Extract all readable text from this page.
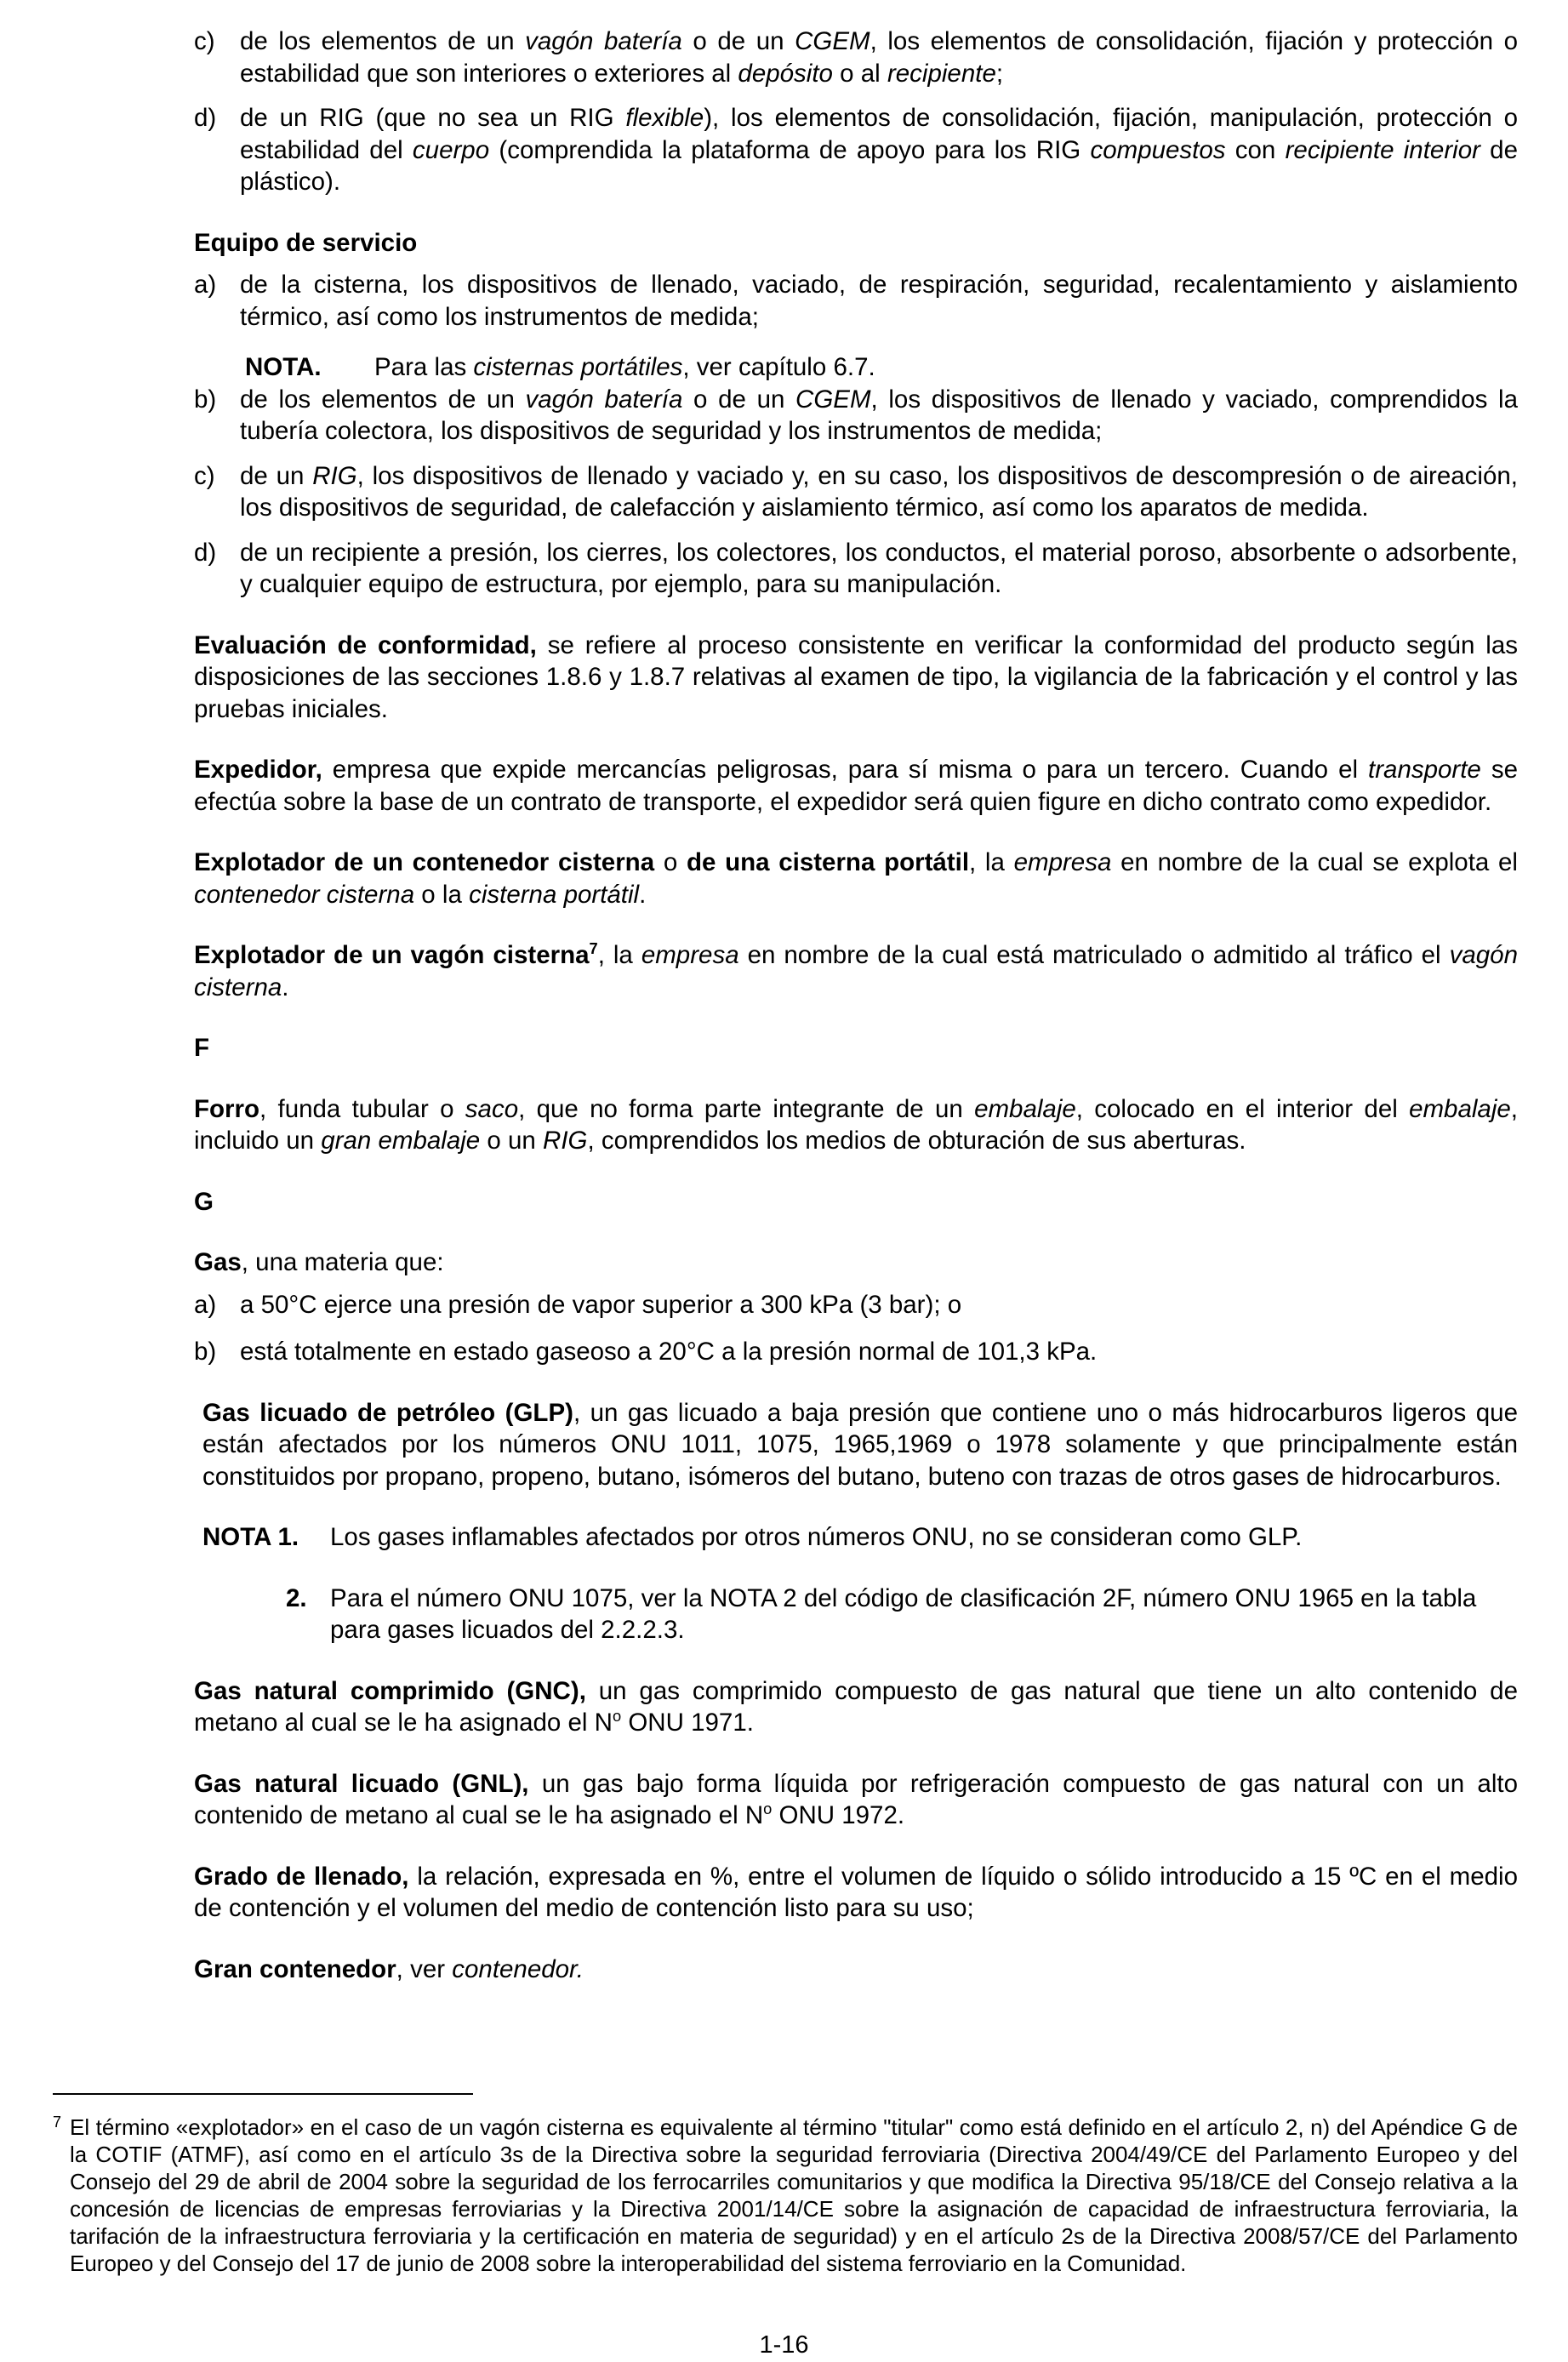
c) de los elementos de un vagón batería o de un CGEM, los elementos de consolidación, fijación y protección o estabilidad que son interiores o exteriores al depósito o al recipiente;
d) de un RIG (que no sea un RIG flexible), los elementos de consolidación, fijación, manipulación, protección o estabilidad del cuerpo (comprendida la plataforma de apoyo para los RIG compuestos con recipiente interior de plástico).

Equipo de servicio

a) de la cisterna, los dispositivos de llenado, vaciado, de respiración, seguridad, recalentamiento y aislamiento térmico, así como los instrumentos de medida;
NOTA. Para las cisternas portátiles, ver capítulo 6.7.
b) de los elementos de un vagón batería o de un CGEM, los dispositivos de llenado y vaciado, comprendidos la tubería colectora, los dispositivos de seguridad y los instrumentos de medida;
c) de un RIG, los dispositivos de llenado y vaciado y, en su caso, los dispositivos de descompresión o de aireación, los dispositivos de seguridad, de calefacción y aislamiento térmico, así como los aparatos de medida.
d) de un recipiente a presión, los cierres, los colectores, los conductos, el material poroso, absorbente o adsorbente, y cualquier equipo de estructura, por ejemplo, para su manipulación.

Evaluación de conformidad, se refiere al proceso consistente en verificar la conformidad del producto según las disposiciones de las secciones 1.8.6 y 1.8.7 relativas al examen de tipo, la vigilancia de la fabricación y el control y las pruebas iniciales.

Expedidor, empresa que expide mercancías peligrosas, para sí misma o para un tercero. Cuando el transporte se efectúa sobre la base de un contrato de transporte, el expedidor será quien figure en dicho contrato como expedidor.

Explotador de un contenedor cisterna o de una cisterna portátil, la empresa en nombre de la cual se explota el contenedor cisterna o la cisterna portátil.

Explotador de un vagón cisterna$^7$, la empresa en nombre de la cual está matriculado o admitido al tráfico el vagón cisterna.

F

Forro, funda tubular o saco, que no forma parte integrante de un embalaje, colocado en el interior del embalaje, incluido un gran embalaje o un RIG, comprendidos los medios de obturación de sus aberturas.

G

Gas, una materia que:

a) a 50°C ejerce una presión de vapor superior a 300 kPa (3 bar); o
b) está totalmente en estado gaseoso a 20°C a la presión normal de 101,3 kPa.

Gas licuado de petróleo (GLP), un gas licuado a baja presión que contiene uno o más hidrocarburos ligeros que están afectados por los números ONU 1011, 1075, 1965,1969 o 1978 solamente y que principalmente están constituidos por propano, propeno, butano, isómeros del butano, buteno con trazas de otros gases de hidrocarburos.

NOTA 1. Los gases inflamables afectados por otros números ONU, no se consideran como GLP.
2. Para el número ONU 1075, ver la NOTA 2 del código de clasificación 2F, número ONU 1965 en la tabla para gases licuados del 2.2.2.3.

Gas natural comprimido (GNC), un gas comprimido compuesto de gas natural que tiene un alto contenido de metano al cual se le ha asignado el $N^o$ ONU 1971.

Gas natural licuado (GNL), un gas bajo forma líquida por refrigeración compuesto de gas natural con un alto contenido de metano al cual se le ha asignado el $N^o$ ONU 1972.

Grado de llenado, la relación, expresada en %, entre el volumen de líquido o sólido introducido a 15 ºC en el medio de contención y el volumen del medio de contención listo para su uso;

Gran contenedor, ver contenedor.

7 El término «explotador» en el caso de un vagón cisterna es equivalente al término "titular" como está definido en el artículo 2, n) del Apéndice G de la COTIF (ATMF), así como en el artículo 3s de la Directiva sobre la seguridad ferroviaria (Directiva 2004/49/CE del Parlamento Europeo y del Consejo del 29 de abril de 2004 sobre la seguridad de los ferrocarriles comunitarios y que modifica la Directiva 95/18/CE del Consejo relativa a la concesión de licencias de empresas ferroviarias y la Directiva 2001/14/CE sobre la asignación de capacidad de infraestructura ferroviaria, la tarifación de la infraestructura ferroviaria y la certificación en materia de seguridad) y en el artículo 2s de la Directiva 2008/57/CE del Parlamento Europeo y del Consejo del 17 de junio de 2008 sobre la interoperabilidad del sistema ferroviario en la Comunidad.
1-16
